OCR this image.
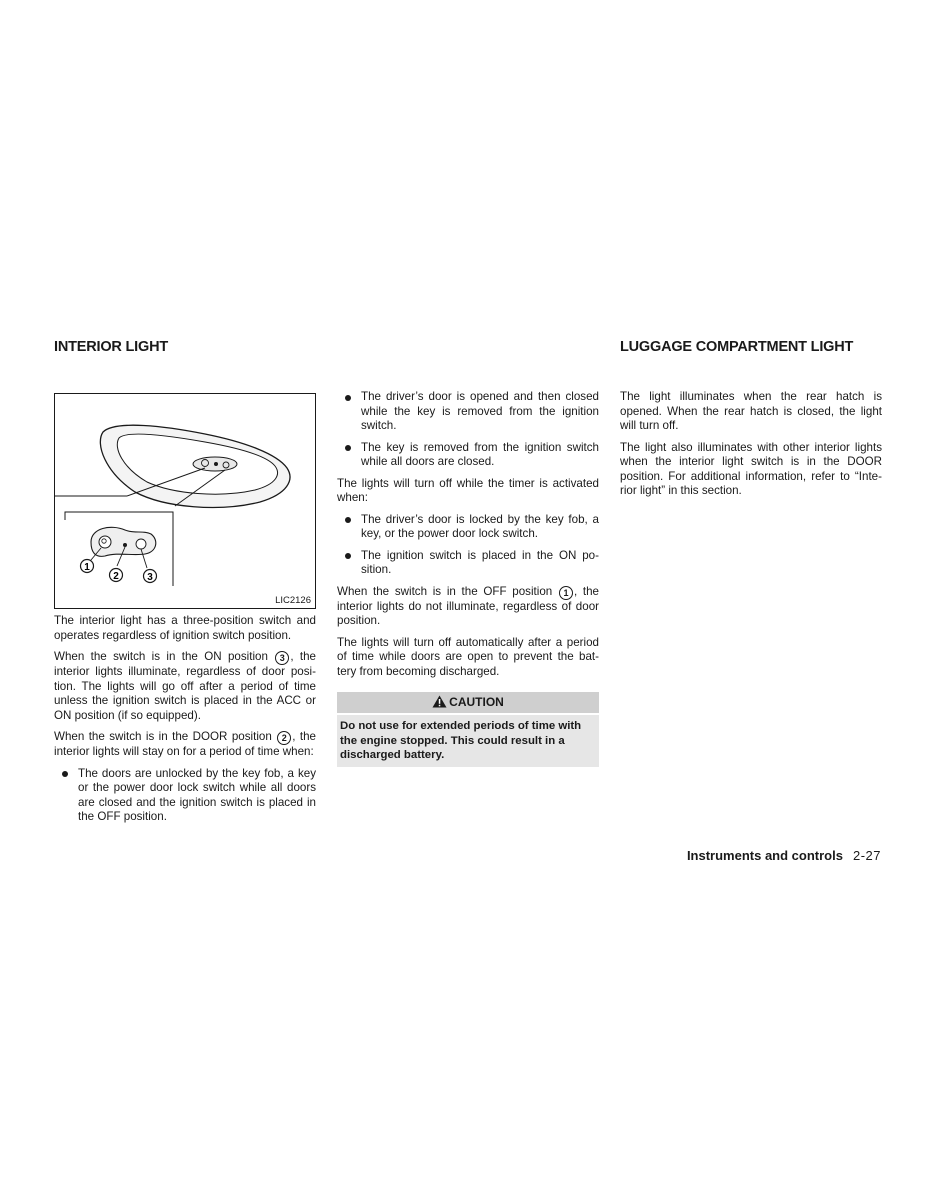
INTERIOR LIGHT	LUGGAGE COMPARTMENT LIGHT
1
2	3
LIC2126

The interior light has a three-position switch and operates regardless of ignition switch position.

When the switch is in the ON position 3 , the interior lights illuminate, regardless of door posi-tion. The lights will go off after a period of time unless the ignition switch is placed in the ACC or ON position (if so equipped).

When the switch is in the DOOR position 2 , the interior lights will stay on for a period of time when:

The doors are unlocked by the key fob, a key or the power door lock switch while all doors are closed and the ignition switch is placed in the OFF position.
The driver’s door is opened and then closed while the key is removed from the ignition switch.
The key is removed from the ignition switch while all doors are closed.

The lights will turn off while the timer is activated when:

The driver’s door is locked by the key fob, a key, or the power door lock switch.
The ignition switch is placed in the ON po-sition.

When the switch is in the OFF position 1 , the interior lights do not illuminate, regardless of door position.

The lights will turn off automatically after a period of time while doors are open to prevent the bat-tery from becoming discharged.

CAUTION
Do not use for extended periods of time with the engine stopped. This could result in a discharged battery.

The light illuminates when the rear hatch is opened. When the rear hatch is closed, the light will turn off.

The light also illuminates with other interior lights when the interior light switch is in the DOOR position. For additional information, refer to “Inte-rior light” in this section.

Instruments and controls 2-27
